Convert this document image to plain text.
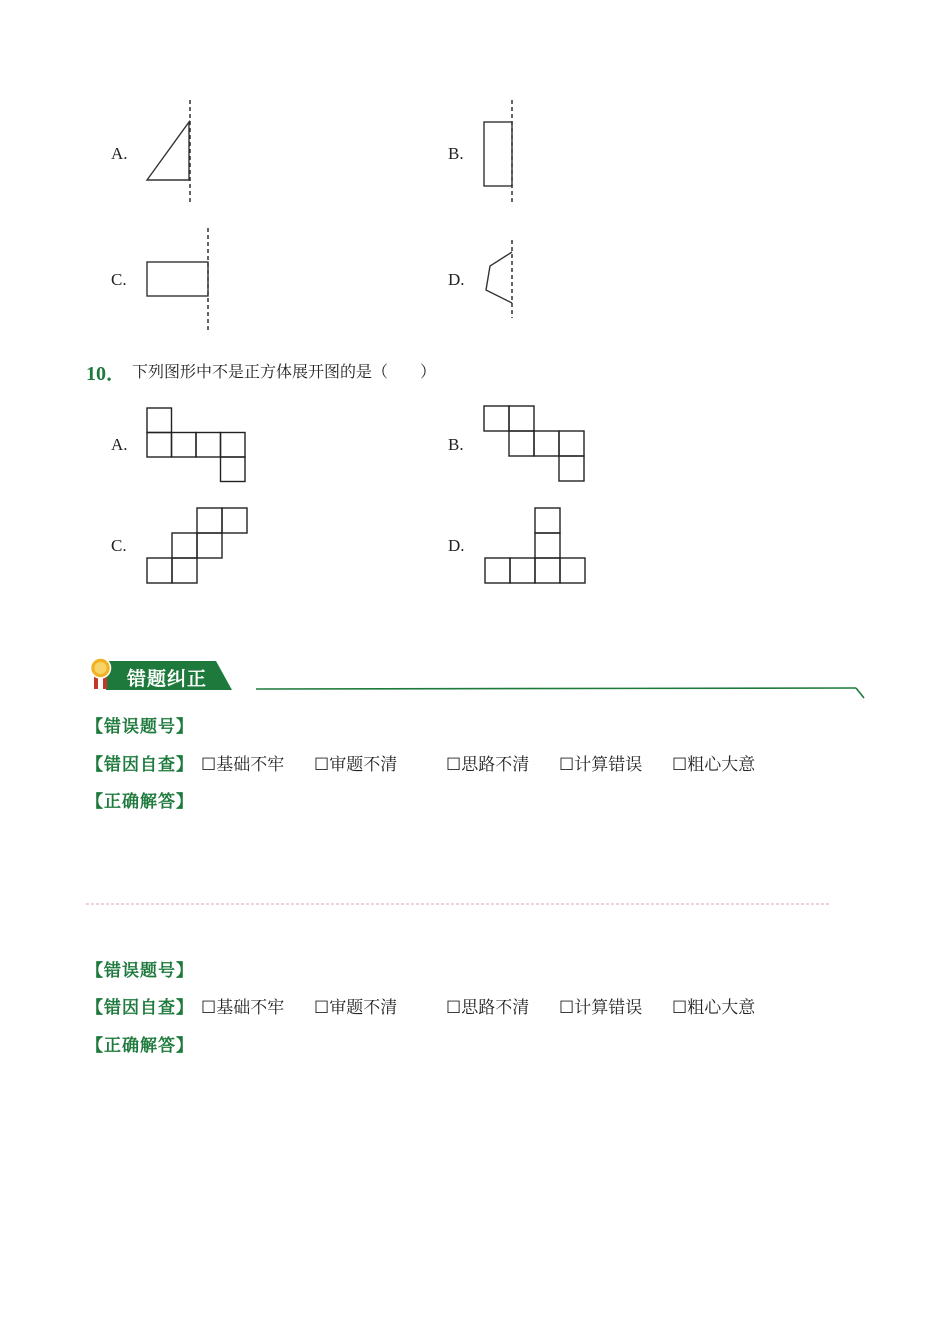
A.	B.
C.	D.
10． 下列图形中不是正方体展开图的是（　　）
A.	B.
C.	D.
错题纠正
【错误题号】
【错因自查】 ☐基础不牢 ☐审题不清	☐思路不清 ☐计算错误 ☐粗心大意
【正确解答】
【错误题号】
【错因自查】 ☐基础不牢 ☐审题不清	☐思路不清 ☐计算错误 ☐粗心大意
【正确解答】
